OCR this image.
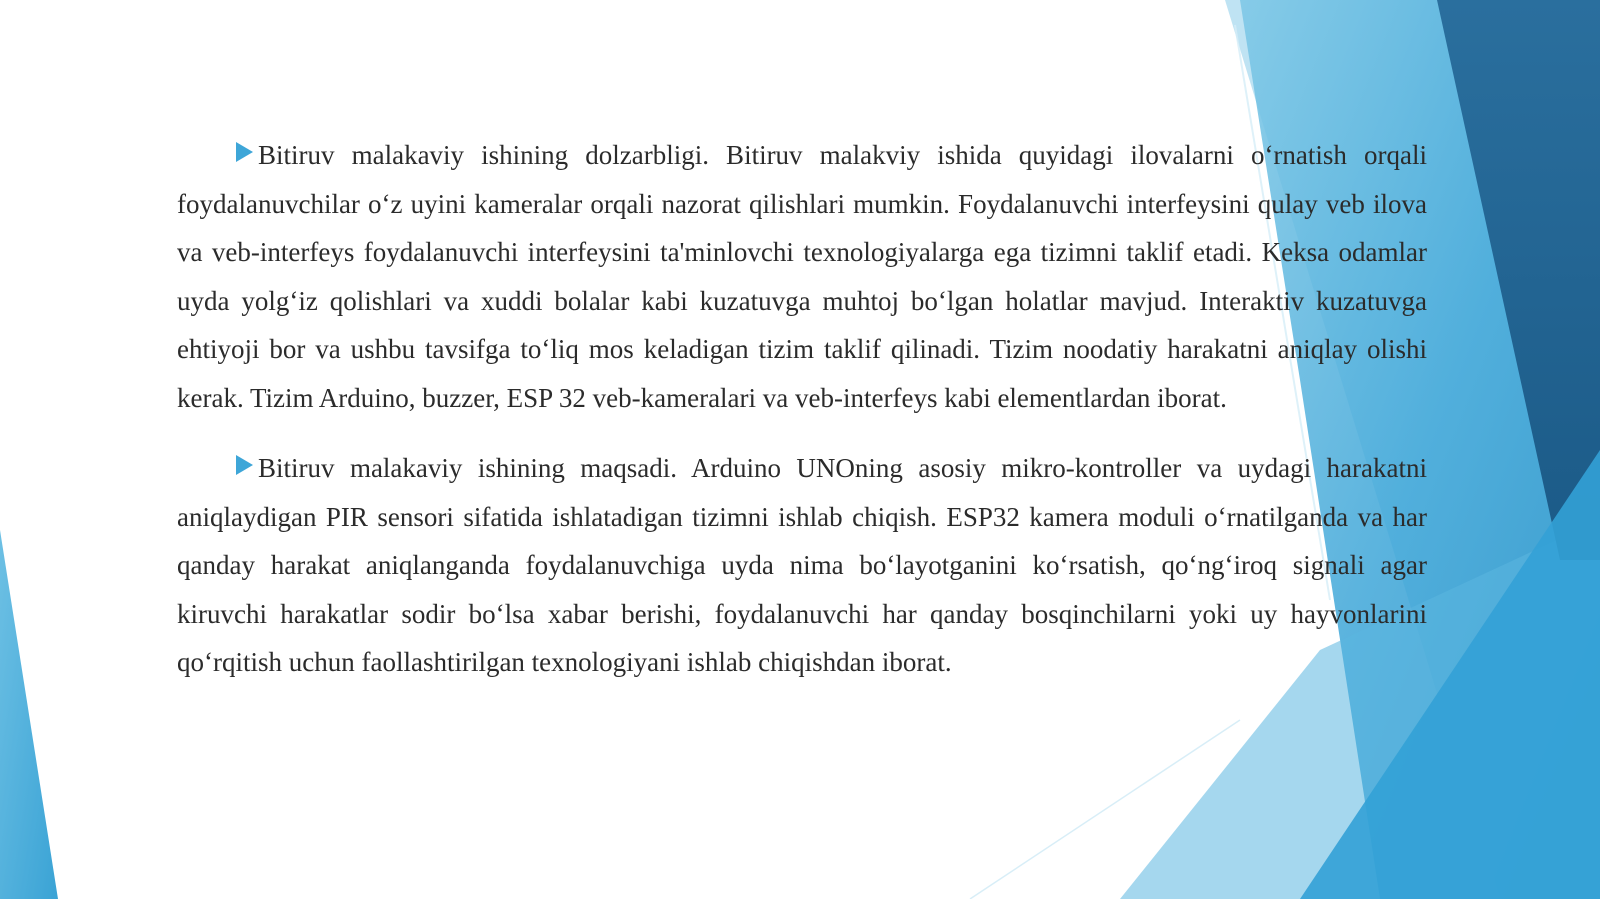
Bitiruv malakaviy ishining dolzarbligi. Bitiruv malakviy ishida quyidagi ilovalarni o‘rnatish orqali foydalanuvchilar o‘z uyini kameralar orqali nazorat qilishlari mumkin. Foydalanuvchi interfeysini qulay veb ilova va veb-interfeys foydalanuvchi interfeysini ta'minlovchi texnologiyalarga ega tizimni taklif etadi. Keksa odamlar uyda yolg‘iz qolishlari va xuddi bolalar kabi kuzatuvga muhtoj bo‘lgan holatlar mavjud. Interaktiv kuzatuvga ehtiyoji bor va ushbu tavsifga to‘liq mos keladigan tizim taklif qilinadi. Tizim noodatiy harakatni aniqlay olishi kerak. Tizim Arduino, buzzer, ESP 32 veb-kameralari va veb-interfeys kabi elementlardan iborat.

Bitiruv malakaviy ishining maqsadi. Arduino UNOning asosiy mikro-kontroller va uydagi harakatni aniqlaydigan PIR sensori sifatida ishlatadigan tizimni ishlab chiqish. ESP32 kamera moduli o‘rnatilganda va har qanday harakat aniqlanganda foydalanuvchiga uyda nima bo‘layotganini ko‘rsatish, qo‘ng‘iroq signali agar kiruvchi harakatlar sodir bo‘lsa xabar berishi, foydalanuvchi har qanday bosqinchilarni yoki uy hayvonlarini qo‘rqitish uchun faollashtirilgan texnologiyani ishlab chiqishdan iborat.
